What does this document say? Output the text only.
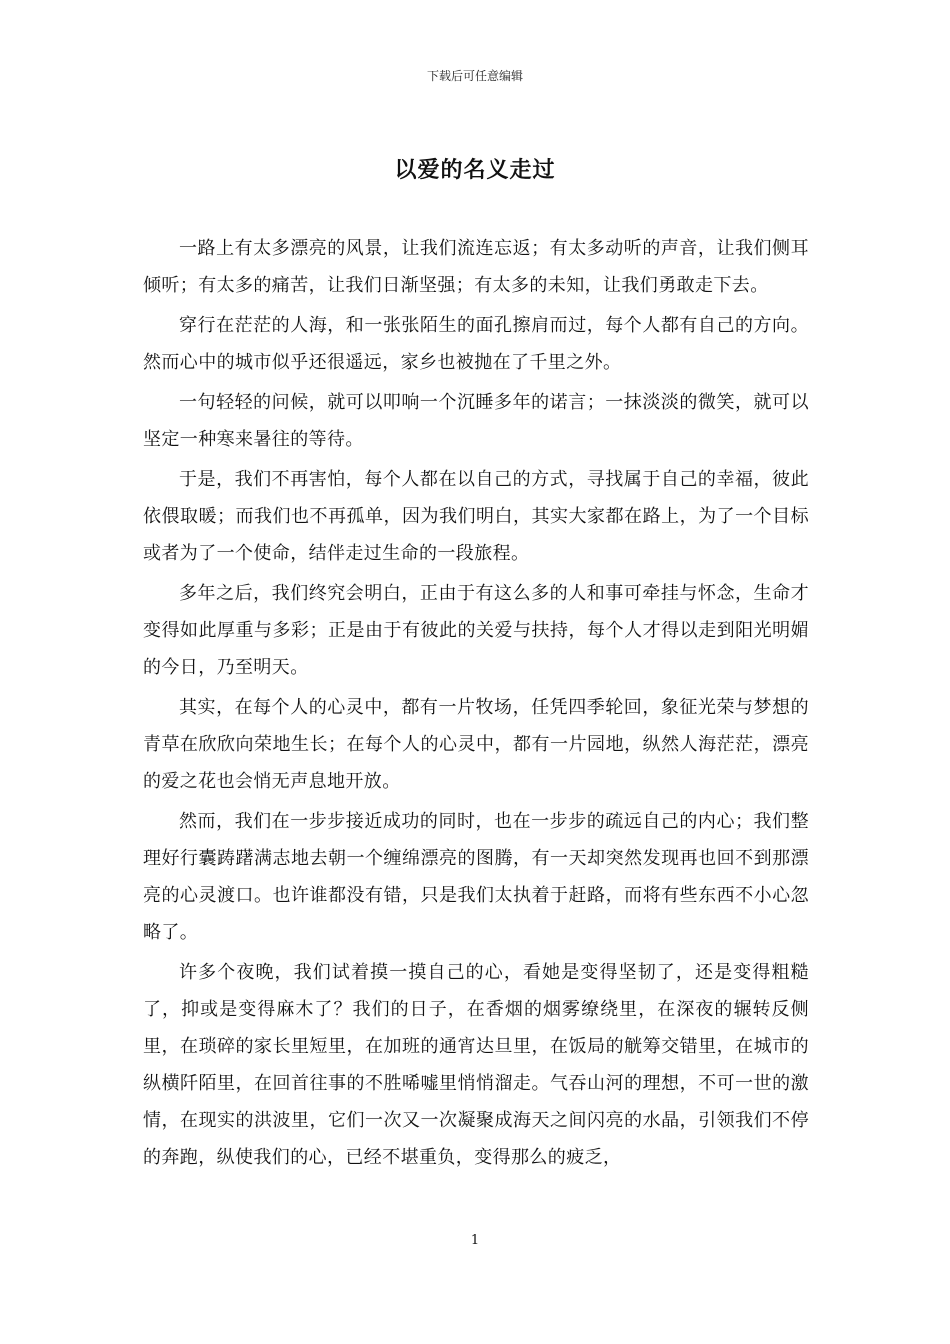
下载后可任意编辑
以爱的名义走过

一路上有太多漂亮的风景，让我们流连忘返；有太多动听的声音，让我们侧耳倾听；有太多的痛苦，让我们日渐坚强；有太多的未知，让我们勇敢走下去。

穿行在茫茫的人海，和一张张陌生的面孔擦肩而过，每个人都有自己的方向。然而心中的城市似乎还很遥远，家乡也被抛在了千里之外。

一句轻轻的问候，就可以叩响一个沉睡多年的诺言；一抹淡淡的微笑，就可以坚定一种寒来暑往的等待。

于是，我们不再害怕，每个人都在以自己的方式，寻找属于自己的幸福，彼此依偎取暖；而我们也不再孤单，因为我们明白，其实大家都在路上，为了一个目标或者为了一个使命，结伴走过生命的一段旅程。

多年之后，我们终究会明白，正由于有这么多的人和事可牵挂与怀念，生命才变得如此厚重与多彩；正是由于有彼此的关爱与扶持，每个人才得以走到阳光明媚的今日，乃至明天。

其实，在每个人的心灵中，都有一片牧场，任凭四季轮回，象征光荣与梦想的青草在欣欣向荣地生长；在每个人的心灵中，都有一片园地，纵然人海茫茫，漂亮的爱之花也会悄无声息地开放。

然而，我们在一步步接近成功的同时，也在一步步的疏远自己的内心；我们整理好行囊踌躇满志地去朝一个缠绵漂亮的图腾，有一天却突然发现再也回不到那漂亮的心灵渡口。也许谁都没有错，只是我们太执着于赶路，而将有些东西不小心忽略了。

许多个夜晚，我们试着摸一摸自己的心，看她是变得坚韧了，还是变得粗糙了，抑或是变得麻木了？我们的日子，在香烟的烟雾缭绕里，在深夜的辗转反侧里，在琐碎的家长里短里，在加班的通宵达旦里，在饭局的觥筹交错里，在城市的纵横阡陌里，在回首往事的不胜唏嘘里悄悄溜走。气吞山河的理想，不可一世的激情，在现实的洪波里，它们一次又一次凝聚成海天之间闪亮的水晶，引领我们不停的奔跑，纵使我们的心，已经不堪重负，变得那么的疲乏，

1
